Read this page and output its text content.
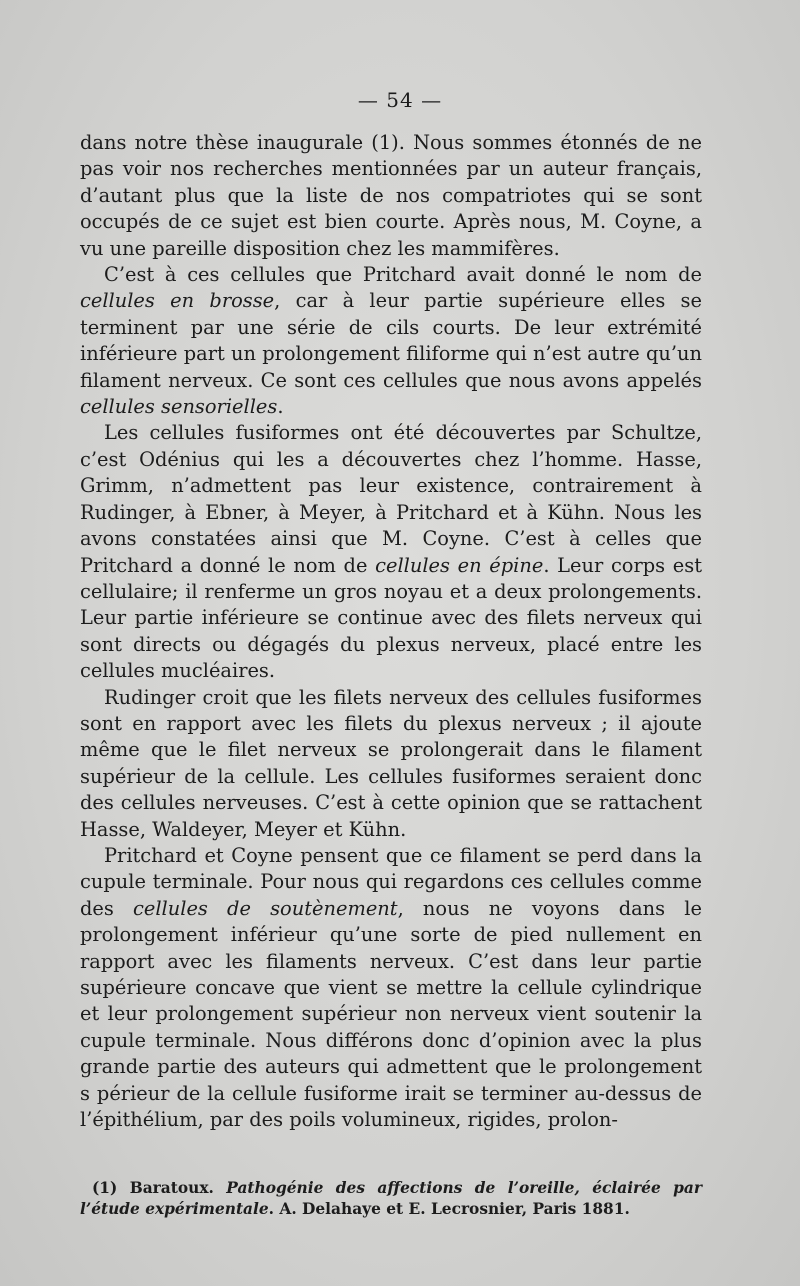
— 54 —

dans notre thèse inaugurale (1). Nous sommes étonnés de ne pas voir nos recherches mentionnées par un auteur français, d’autant plus que la liste de nos compatriotes qui se sont occupés de ce sujet est bien courte. Après nous, M. Coyne, a vu une pareille disposition chez les mammifères.

C’est à ces cellules que Pritchard avait donné le nom de cellules en brosse, car à leur partie supérieure elles se terminent par une série de cils courts. De leur extrémité inférieure part un prolongement filiforme qui n’est autre qu’un filament nerveux. Ce sont ces cellules que nous avons appelés cellules sensorielles.

Les cellules fusiformes ont été découvertes par Schultze, c’est Odénius qui les a découvertes chez l’homme. Hasse, Grimm, n’admettent pas leur existence, contrairement à Rudinger, à Ebner, à Meyer, à Pritchard et à Kühn. Nous les avons constatées ainsi que M. Coyne. C’est à celles que Pritchard a donné le nom de cellules en épine. Leur corps est cellulaire; il renferme un gros noyau et a deux prolongements. Leur partie inférieure se continue avec des filets nerveux qui sont directs ou dégagés du plexus nerveux, placé entre les cellules mucléaires.

Rudinger croit que les filets nerveux des cellules fusiformes sont en rapport avec les filets du plexus nerveux ; il ajoute même que le filet nerveux se prolongerait dans le filament supérieur de la cellule. Les cellules fusiformes seraient donc des cellules nerveuses. C’est à cette opinion que se rattachent Hasse, Waldeyer, Meyer et Kühn.

Pritchard et Coyne pensent que ce filament se perd dans la cupule terminale. Pour nous qui regardons ces cellules comme des cellules de soutènement, nous ne voyons dans le prolongement inférieur qu’une sorte de pied nullement en rapport avec les filaments nerveux. C’est dans leur partie supérieure concave que vient se mettre la cellule cylindrique et leur prolongement supérieur non nerveux vient soutenir la cupule terminale. Nous différons donc d’opinion avec la plus grande partie des auteurs qui admettent que le prolongement s périeur de la cellule fusiforme irait se terminer au-dessus de l’épithélium, par des poils volumineux, rigides, prolon-

(1) Baratoux. Pathogénie des affections de l’oreille, éclairée par l’étude expérimentale. A. Delahaye et E. Lecrosnier, Paris 1881.
